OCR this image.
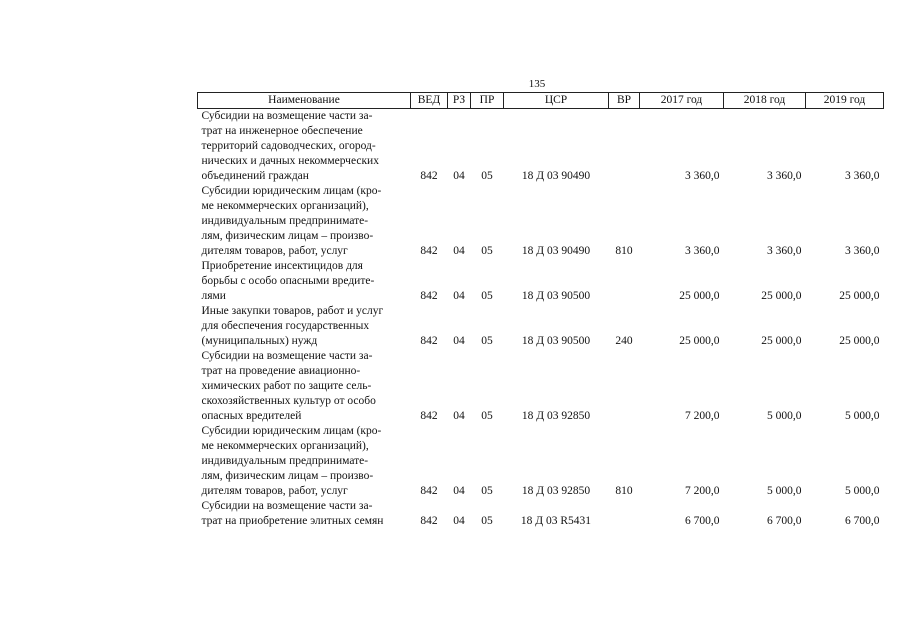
135
Наименование	ВЕД	РЗ	ПР	ЦСР	ВР	2017 год	2018 год	2019 год

Субсидии на возмещение части за-
трат на инженерное обеспечение
территорий садоводческих, огород-
нических и дачных некоммерческих
объединений граждан	842	04	05	18 Д 03 90490		3 360,0	3 360,0	3 360,0

Субсидии юридическим лицам (кро-
ме некоммерческих организаций),
индивидуальным предпринимате-
лям, физическим лицам – произво-
дителям товаров, работ, услуг	842	04	05	18 Д 03 90490	810	3 360,0	3 360,0	3 360,0

Приобретение инсектицидов для
борьбы с особо опасными вредите-
лями	842	04	05	18 Д 03 90500		25 000,0	25 000,0	25 000,0

Иные закупки товаров, работ и услуг
для обеспечения государственных
(муниципальных) нужд	842	04	05	18 Д 03 90500	240	25 000,0	25 000,0	25 000,0

Субсидии на возмещение части за-
трат на проведение авиационно-
химических работ по защите сель-
скохозяйственных культур от особо
опасных вредителей	842	04	05	18 Д 03 92850		7 200,0	5 000,0	5 000,0

Субсидии юридическим лицам (кро-
ме некоммерческих организаций),
индивидуальным предпринимате-
лям, физическим лицам – произво-
дителям товаров, работ, услуг	842	04	05	18 Д 03 92850	810	7 200,0	5 000,0	5 000,0

Субсидии на возмещение части за-
трат на приобретение элитных семян	842	04	05	18 Д 03 R5431		6 700,0	6 700,0	6 700,0
